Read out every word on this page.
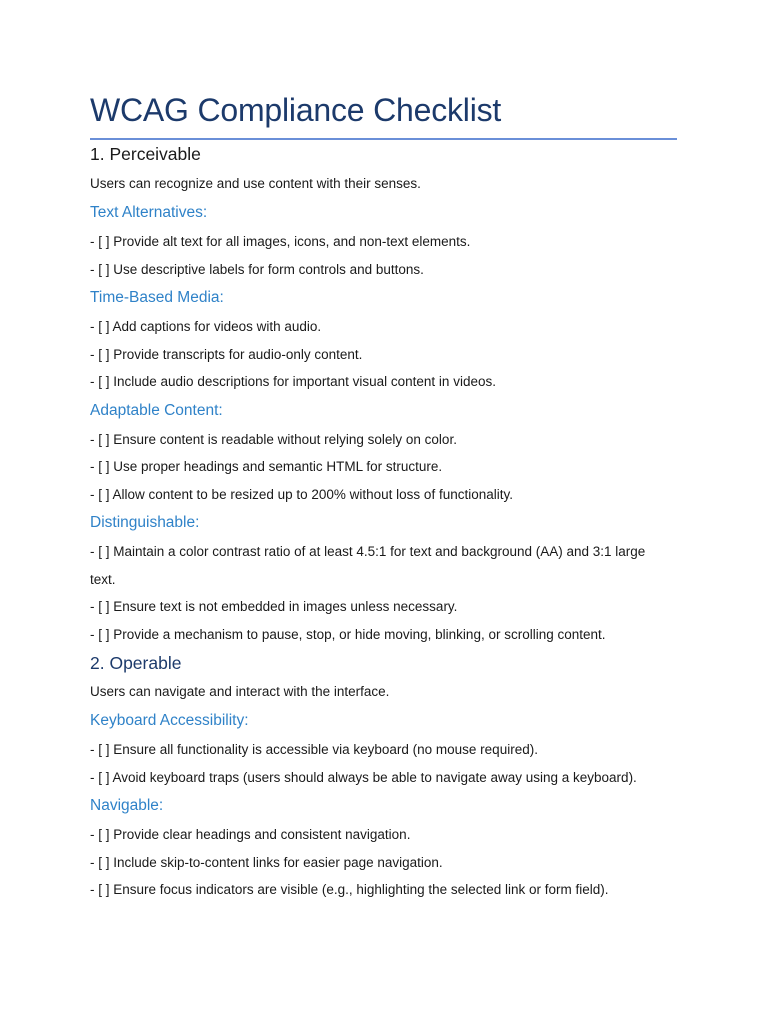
WCAG Compliance Checklist
1. Perceivable

Users can recognize and use content with their senses.

Text Alternatives:

- [ ] Provide alt text for all images, icons, and non-text elements.

- [ ] Use descriptive labels for form controls and buttons.

Time-Based Media:

- [ ] Add captions for videos with audio.

- [ ] Provide transcripts for audio-only content.

- [ ] Include audio descriptions for important visual content in videos.

Adaptable Content:

- [ ] Ensure content is readable without relying solely on color.

- [ ] Use proper headings and semantic HTML for structure.

- [ ] Allow content to be resized up to 200% without loss of functionality.

Distinguishable:

- [ ] Maintain a color contrast ratio of at least 4.5:1 for text and background (AA) and 3:1 large text.

- [ ] Ensure text is not embedded in images unless necessary.

- [ ] Provide a mechanism to pause, stop, or hide moving, blinking, or scrolling content.

2. Operable

Users can navigate and interact with the interface.

Keyboard Accessibility:

- [ ] Ensure all functionality is accessible via keyboard (no mouse required).

- [ ] Avoid keyboard traps (users should always be able to navigate away using a keyboard).

Navigable:

- [ ] Provide clear headings and consistent navigation.

- [ ] Include skip-to-content links for easier page navigation.

- [ ] Ensure focus indicators are visible (e.g., highlighting the selected link or form field).
